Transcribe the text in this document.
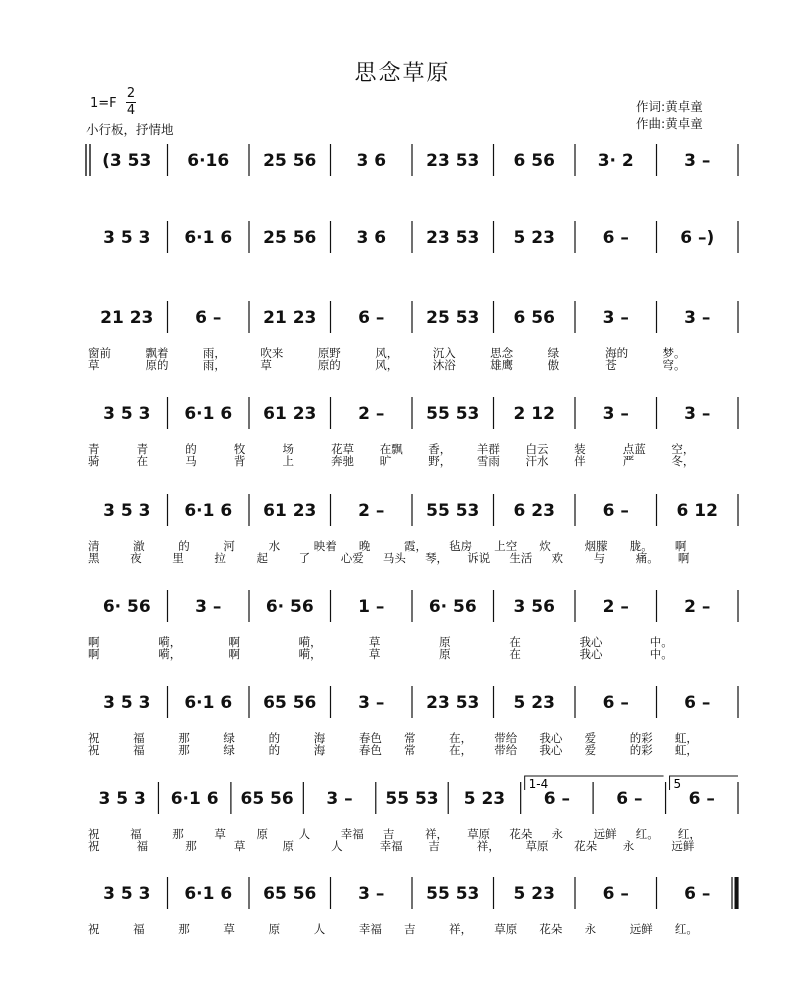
思念草原
1=F
2
4
小行板，抒情地
作词:黄卓童
作曲:黄卓童
(3 53 6·16 25 56 3 6 23 53 6 56	3· 2	3 –
3 5 3 6·1 6 25 56 3 6 23 53 5 23	6 –	6 –)
21 23 6 – 21 23 6 – 25 53 6 56	3 –	3 –
窗前	飘着	雨，	吹来	原野	风，	沉入	思念	绿	海的	梦。
草	原的	雨，	草	原的	风，	沐浴	雄鹰	傲	苍	穹。
3 5 3 6·1 6 61 23 2 – 55 53 2 12	3 –	3 –
青	青	的	牧	场	花草 在飘 香， 羊群 白云 装	点蓝 空，
骑	在	马	背	上	奔驰 旷	野， 雪雨 汗水 伴	严	冬，
3 5 3 6·1 6 61 23 2 – 55 53 6 23	6 –	6 12
清	澈	的	河	水	映着 晚	霞， 毡房 上空 炊	烟朦 胧。 啊
黑	夜	里	拉	起	了	心爱 马头 琴， 诉说 生活 欢	与	痛。 啊
6· 56	3 –	6· 56	1 –	6· 56 3 56	2 –	2 –
啊	嗬，	啊	嗬，	草	原	在	我心	中。
啊	嗬，	啊	嗬，	草	原	在	我心	中。
3 5 3 6·1 6 65 56 3 – 23 53 5 23	6 –	6 –
祝	福	那	绿	的	海	春色 常	在， 带给 我心 爱	的彩 虹，
祝	福	那	绿	的	海	春色 常	在， 带给 我心 爱	的彩 虹，
3 5 3 6·1 6 65 56 3 – 55 53 5 23 6 –	6 –	6 –
1-4	5
祝	福	那	草	原	人	幸福 吉	祥， 草原 花朵 永	远鲜 红。 红，
祝	福	那	草	原	人	幸福 吉	祥， 草原 花朵 永	远鲜
3 5 3 6·1 6 65 56 3 – 55 53 5 23	6 –	6 –
祝	福	那	草	原	人	幸福 吉	祥， 草原 花朵 永	远鲜 红。
